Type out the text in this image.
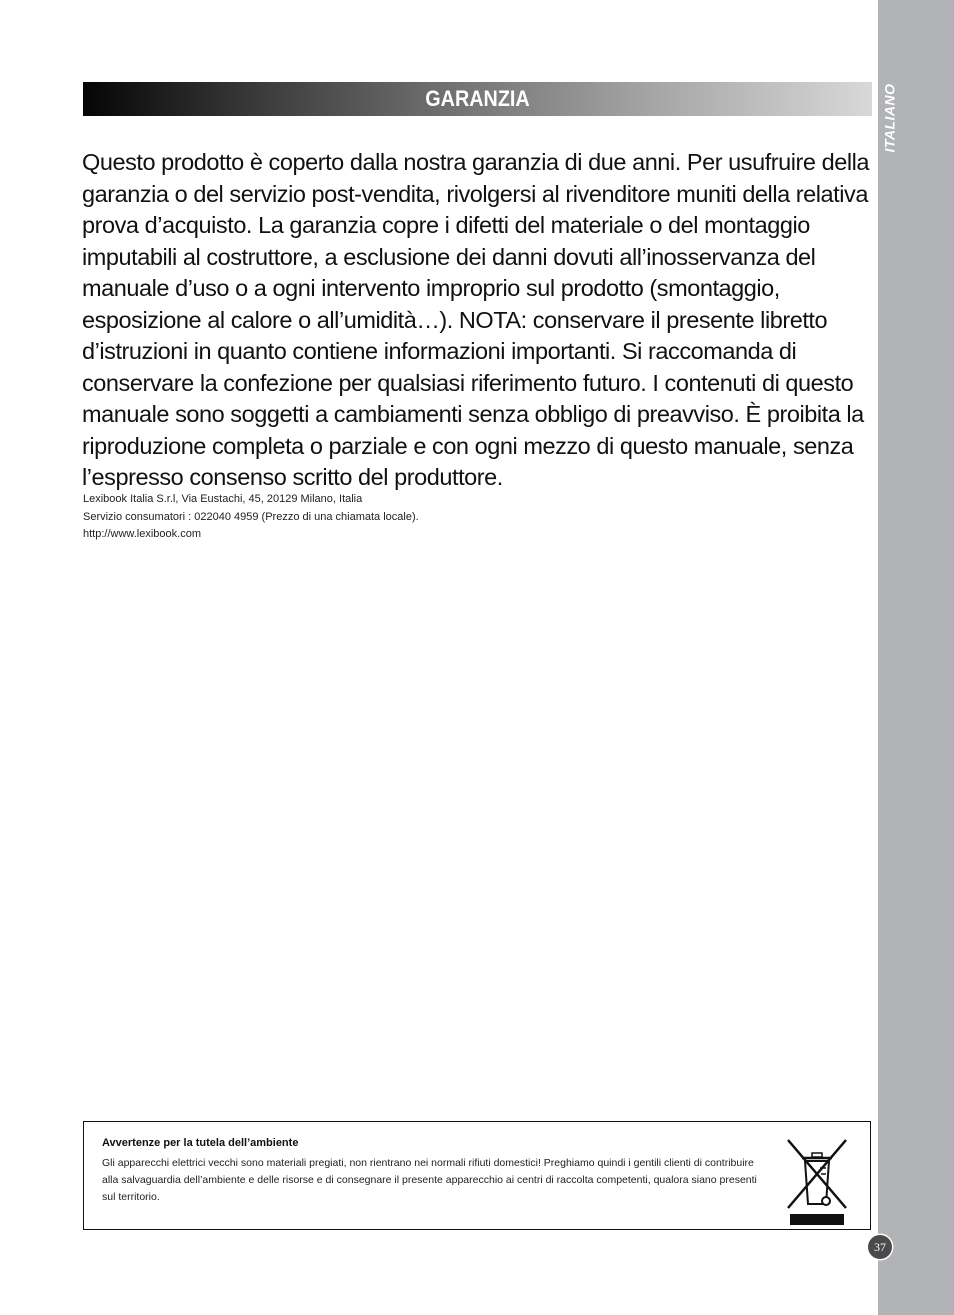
ITALIANO
GARANZIA

Questo prodotto è coperto dalla nostra garanzia di due anni. Per usufruire della garanzia o del servizio post-vendita, rivolgersi al rivenditore muniti della relativa prova d’acquisto. La garanzia copre i difetti del materiale o del montaggio imputabili al costruttore, a esclusione dei danni dovuti all’inosservanza del manuale d’uso o a ogni intervento improprio sul prodotto (smontaggio, esposizione al calore o all’umidità…). NOTA: conservare il presente libretto d’istruzioni in quanto contiene informazioni importanti. Si raccomanda di conservare la confezione per qualsiasi riferimento futuro. I contenuti di questo manuale sono soggetti a cambiamenti senza obbligo di preavviso. È proibita la riproduzione completa o parziale e con ogni mezzo di questo manuale, senza l’espresso consenso scritto del produttore.

Lexibook Italia S.r.l, Via Eustachi, 45, 20129 Milano, Italia
Servizio consumatori : 022040 4959 (Prezzo di una chiamata locale).
http://www.lexibook.com
Avvertenze per la tutela dell’ambiente

Gli apparecchi elettrici vecchi sono materiali pregiati, non rientrano nei normali rifiuti domestici! Preghiamo quindi i gentili clienti di contribuire alla salvaguardia dell’ambiente e delle risorse e di consegnare il presente apparecchio ai centri di raccolta competenti, qualora siano presenti sul territorio.

37
